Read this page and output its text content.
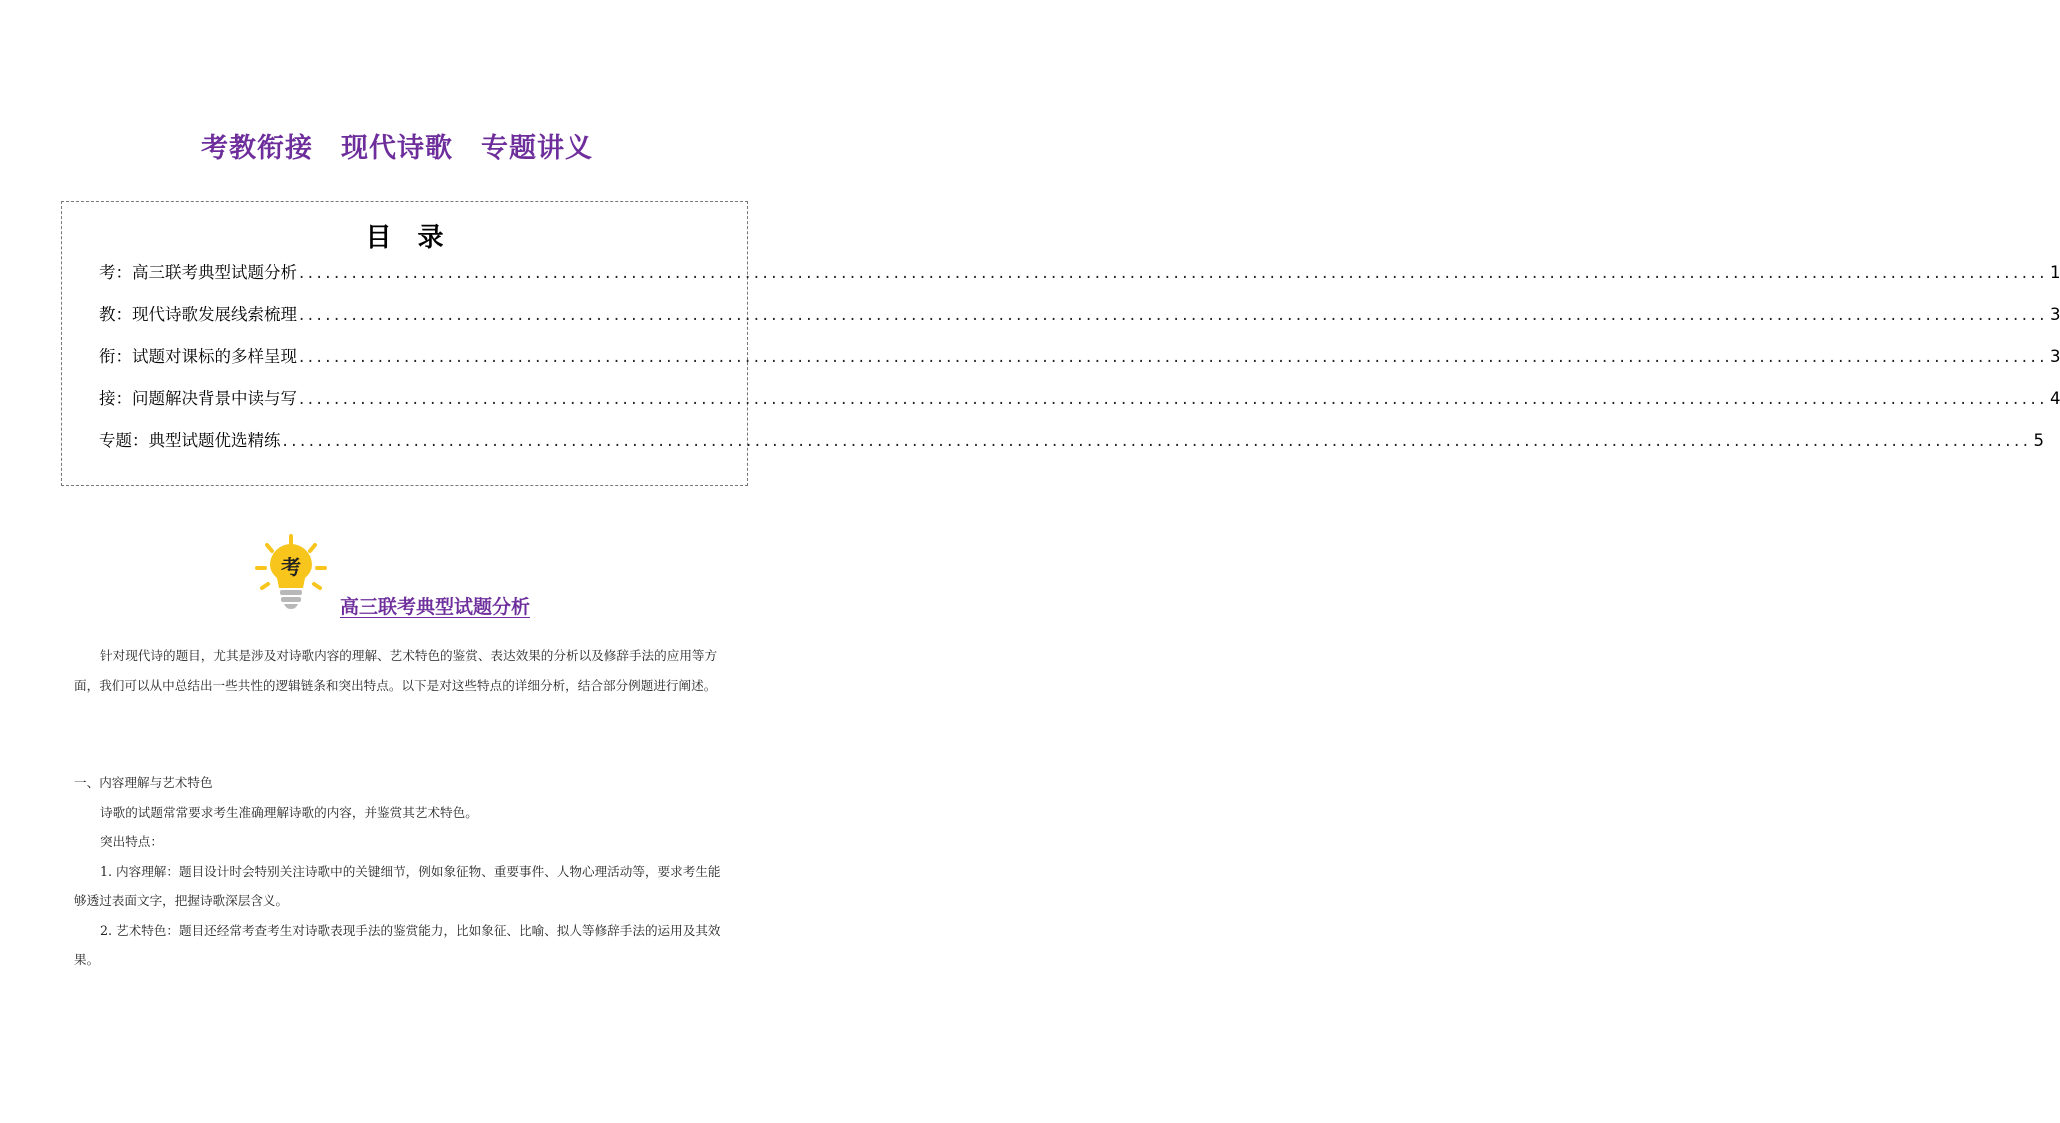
考教衔接　现代诗歌　专题讲义
目　录
考：高三联考典型试题分析 ........................................................................................................................................................................................................ 1
教：现代诗歌发展线索梳理 ........................................................................................................................................................................................................ 3
衔：试题对课标的多样呈现 ........................................................................................................................................................................................................ 3
接：问题解决背景中读与写 ........................................................................................................................................................................................................ 4
专题：典型试题优选精练 ........................................................................................................................................................................................................ 5
考
高三联考典型试题分析

针对现代诗的题目，尤其是涉及对诗歌内容的理解、艺术特色的鉴赏、表达效果的分析以及修辞手法的应用等方面，我们可以从中总结出一些共性的逻辑链条和突出特点。以下是对这些特点的详细分析，结合部分例题进行阐述。

一、内容理解与艺术特色

诗歌的试题常常要求考生准确理解诗歌的内容，并鉴赏其艺术特色。

突出特点：

1. 内容理解：题目设计时会特别关注诗歌中的关键细节，例如象征物、重要事件、人物心理活动等，要求考生能够透过表面文字，把握诗歌深层含义。

2. 艺术特色：题目还经常考查考生对诗歌表现手法的鉴赏能力，比如象征、比喻、拟人等修辞手法的运用及其效果。
